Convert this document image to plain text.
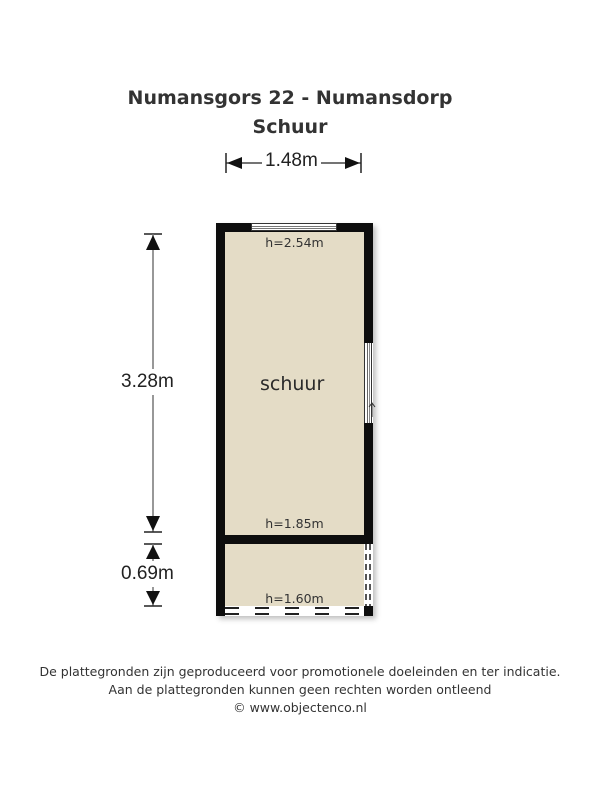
Numansgors 22 - Numansdorp
Schuur
1.48m
3.28m
0.69m
h=2.54m
schuur
h=1.85m
h=1.60m
De plattegronden zijn geproduceerd voor promotionele doeleinden en ter indicatie.
Aan de plattegronden kunnen geen rechten worden ontleend
© www.objectenco.nl
